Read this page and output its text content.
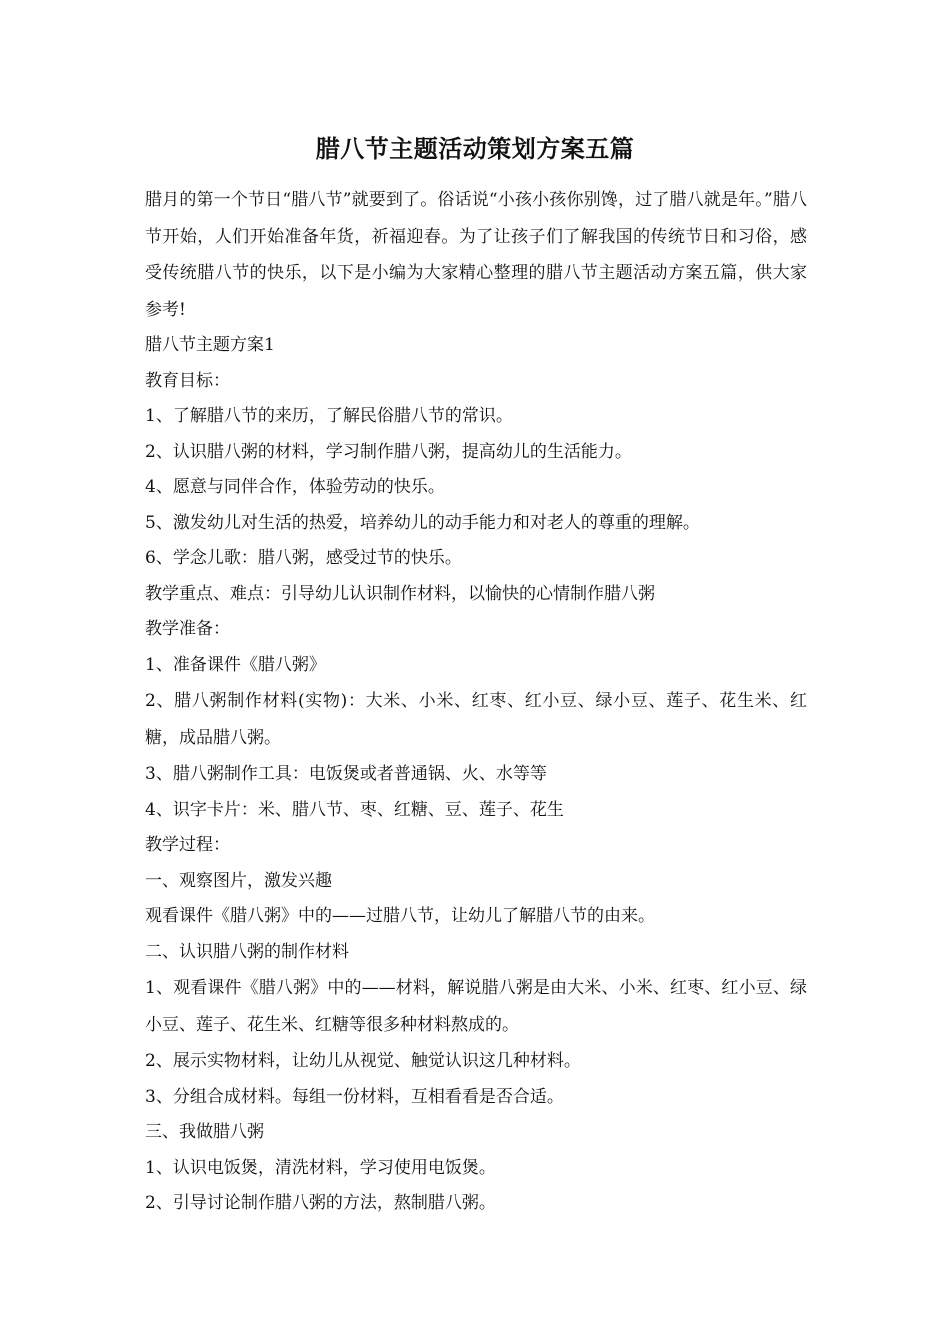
腊八节主题活动策划方案五篇

腊月的第一个节日“腊八节”就要到了。俗话说“小孩小孩你别馋，过了腊八就是年。”腊八节开始，人们开始准备年货，祈福迎春。为了让孩子们了解我国的传统节日和习俗，感受传统腊八节的快乐，以下是小编为大家精心整理的腊八节主题活动方案五篇，供大家参考!

腊八节主题方案1

教育目标：

1、了解腊八节的来历，了解民俗腊八节的常识。

2、认识腊八粥的材料，学习制作腊八粥，提高幼儿的生活能力。

4、愿意与同伴合作，体验劳动的快乐。

5、激发幼儿对生活的热爱，培养幼儿的动手能力和对老人的尊重的理解。

6、学念儿歌：腊八粥，感受过节的快乐。

教学重点、难点：引导幼儿认识制作材料，以愉快的心情制作腊八粥

教学准备：

1、准备课件《腊八粥》

2、腊八粥制作材料(实物)：大米、小米、红枣、红小豆、绿小豆、莲子、花生米、红糖，成品腊八粥。

3、腊八粥制作工具：电饭煲或者普通锅、火、水等等

4、识字卡片：米、腊八节、枣、红糖、豆、莲子、花生

教学过程：

一、观察图片，激发兴趣

观看课件《腊八粥》中的——过腊八节，让幼儿了解腊八节的由来。

二、认识腊八粥的制作材料

1、观看课件《腊八粥》中的——材料，解说腊八粥是由大米、小米、红枣、红小豆、绿小豆、莲子、花生米、红糖等很多种材料熬成的。

2、展示实物材料，让幼儿从视觉、触觉认识这几种材料。

3、分组合成材料。每组一份材料，互相看看是否合适。

三、我做腊八粥

1、认识电饭煲，清洗材料，学习使用电饭煲。

2、引导讨论制作腊八粥的方法，熬制腊八粥。
